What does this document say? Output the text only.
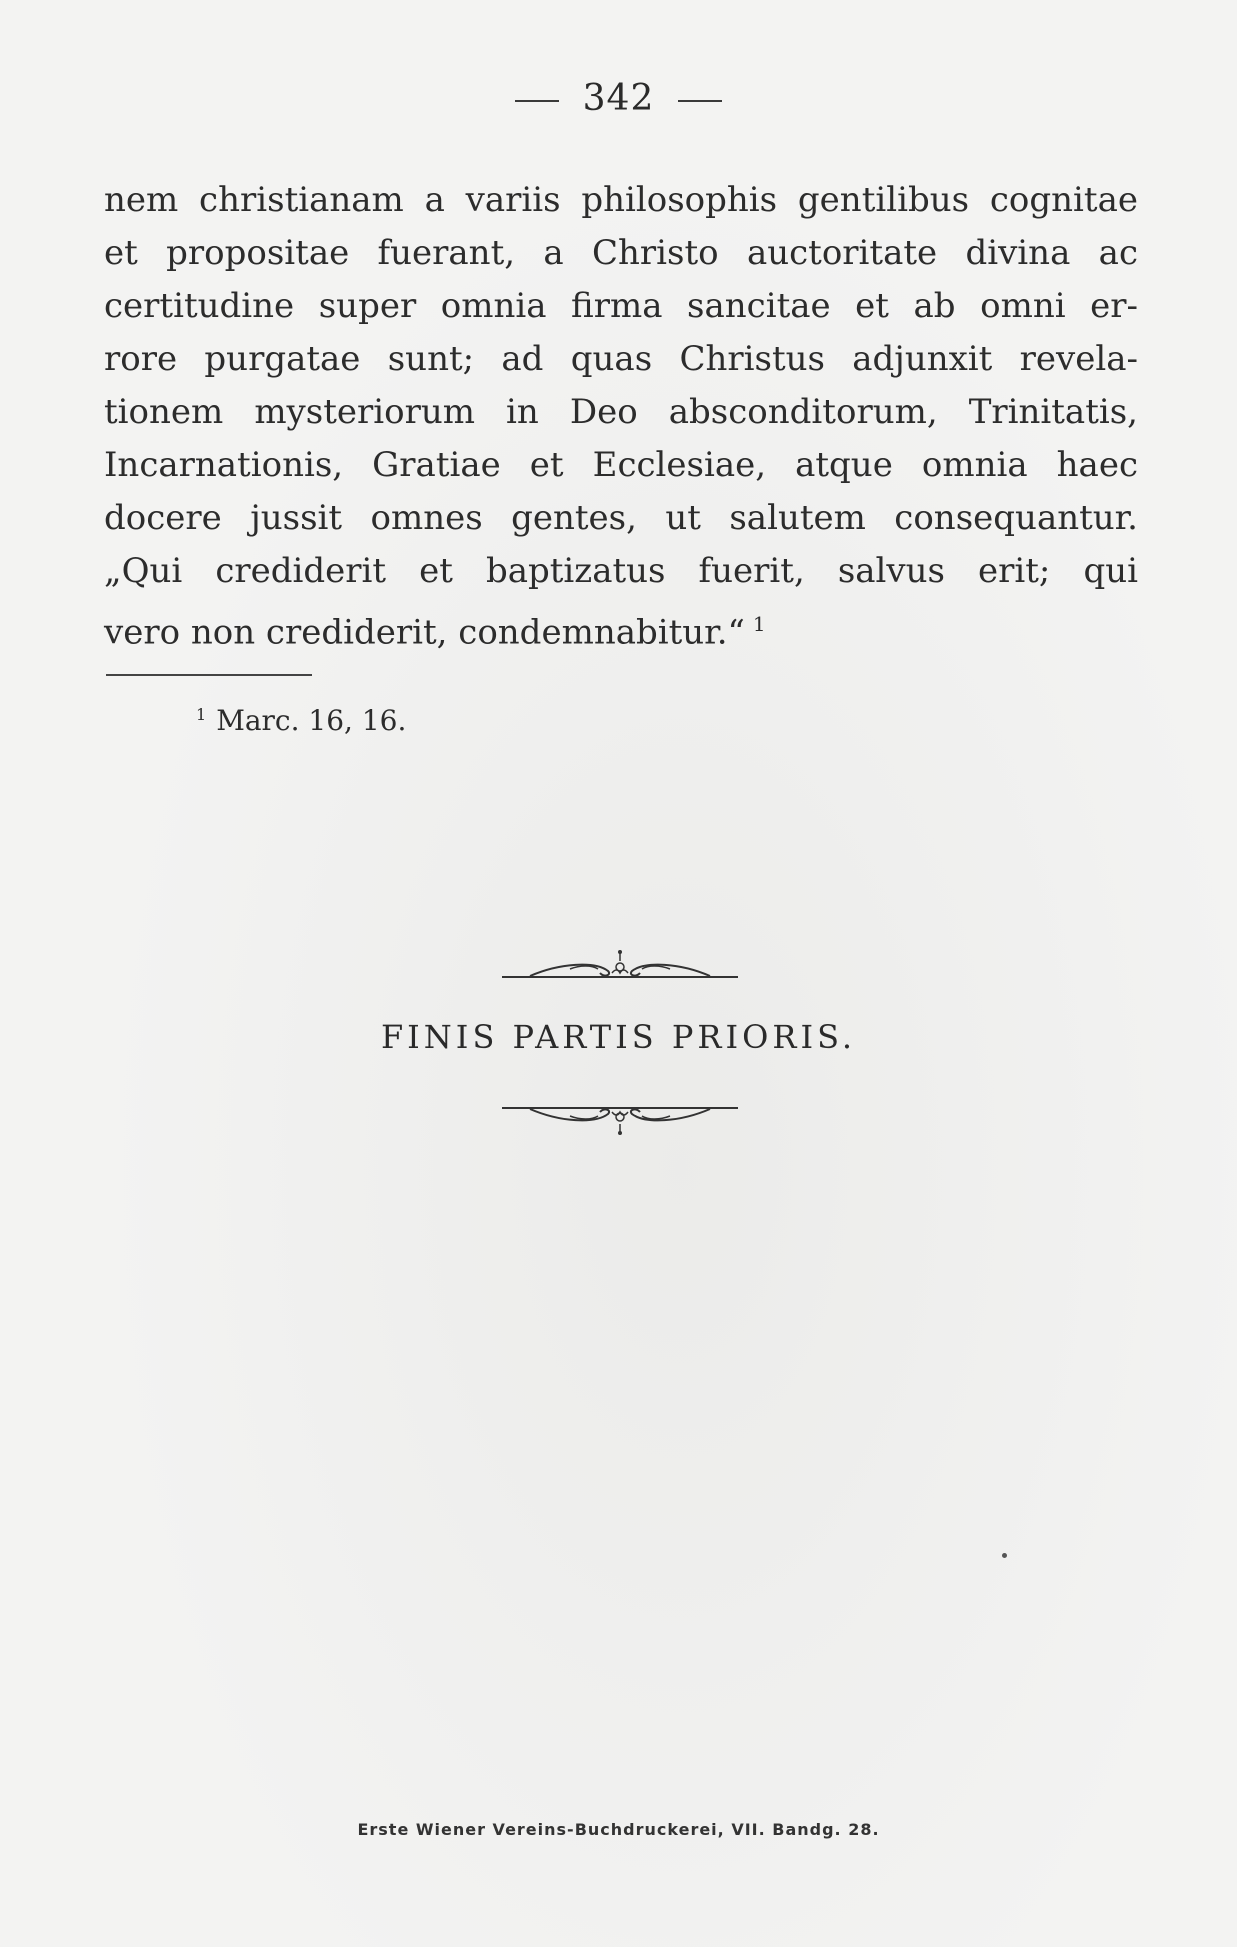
342
nem christianam a variis philosophis gentilibus cognitae
et propositae fuerant, a Christo auctoritate divina ac
certitudine super omnia firma sancitae et ab omni er-
rore purgatae sunt; ad quas Christus adjunxit revela-
tionem mysteriorum in Deo absconditorum, Trinitatis,
Incarnationis, Gratiae et Ecclesiae, atque omnia haec
docere jussit omnes gentes, ut salutem consequantur.
„Qui crediderit et baptizatus fuerit, salvus erit; qui
vero non crediderit, condemnabitur.“ $^1$
$^1$ Marc. 16, 16.
FINIS PARTIS PRIORIS.
Erste Wiener Vereins-Buchdruckerei, VII. Bandg. 28.
